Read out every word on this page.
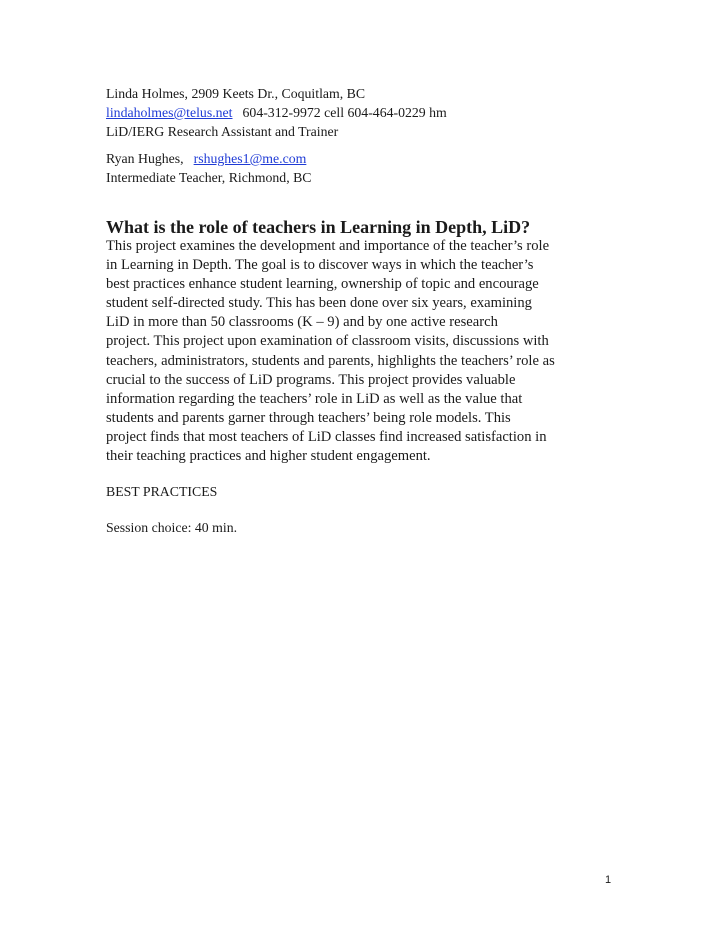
Linda Holmes, 2909 Keets Dr., Coquitlam, BC
lindaholmes@telus.net 604-312-9972 cell 604-464-0229 hm
LiD/IERG Research Assistant and Trainer
Ryan Hughes, rshughes1@me.com
Intermediate Teacher, Richmond, BC
What is the role of teachers in Learning in Depth, LiD?
This project examines the development and importance of the teacher’s role
in Learning in Depth. The goal is to discover ways in which the teacher’s
best practices enhance student learning, ownership of topic and encourage
student self-directed study. This has been done over six years, examining
LiD in more than 50 classrooms (K – 9) and by one active research
project. This project upon examination of classroom visits, discussions with
teachers, administrators, students and parents, highlights the teachers’ role as
crucial to the success of LiD programs. This project provides valuable
information regarding the teachers’ role in LiD as well as the value that
students and parents garner through teachers’ being role models. This
project finds that most teachers of LiD classes find increased satisfaction in
their teaching practices and higher student engagement.
BEST PRACTICES
Session choice: 40 min.
1
